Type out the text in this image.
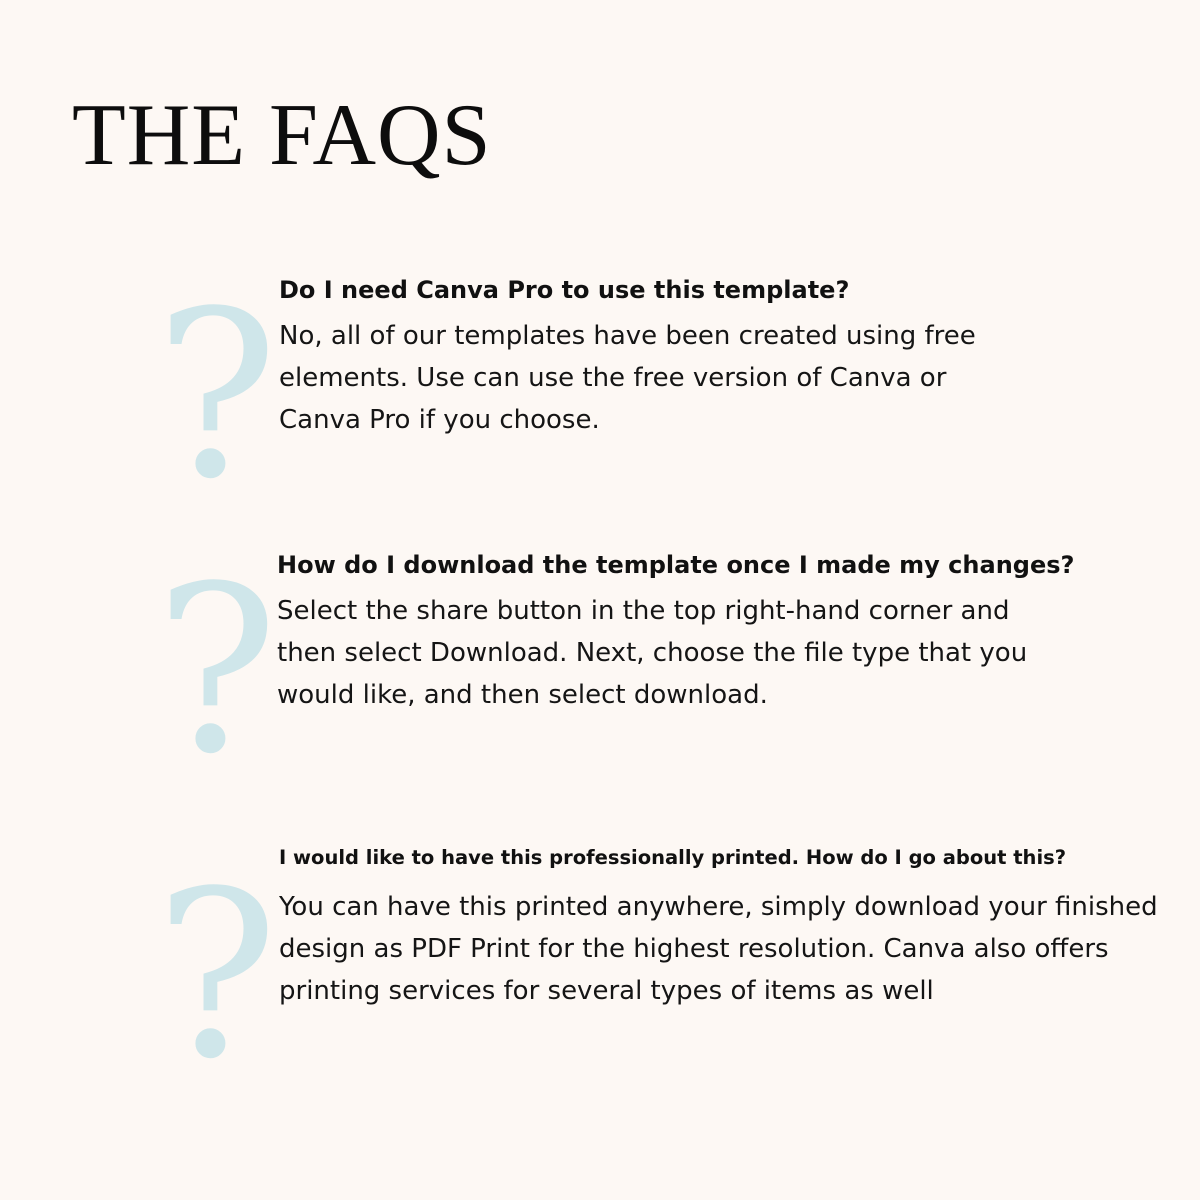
THE FAQS
? Do I need Canva Pro to use this template?

No, all of our templates have been created using free elements. Use can use the free version of Canva or Canva Pro if you choose.

?

How do I download the template once I made my changes?

Select the share button in the top right-hand corner and then select Download. Next, choose the file type that you would like, and then select download.

? I would like to have this professionally printed. How do I go about this?

You can have this printed anywhere, simply download your finished design as PDF Print for the highest resolution. Canva also offers printing services for several types of items as well
